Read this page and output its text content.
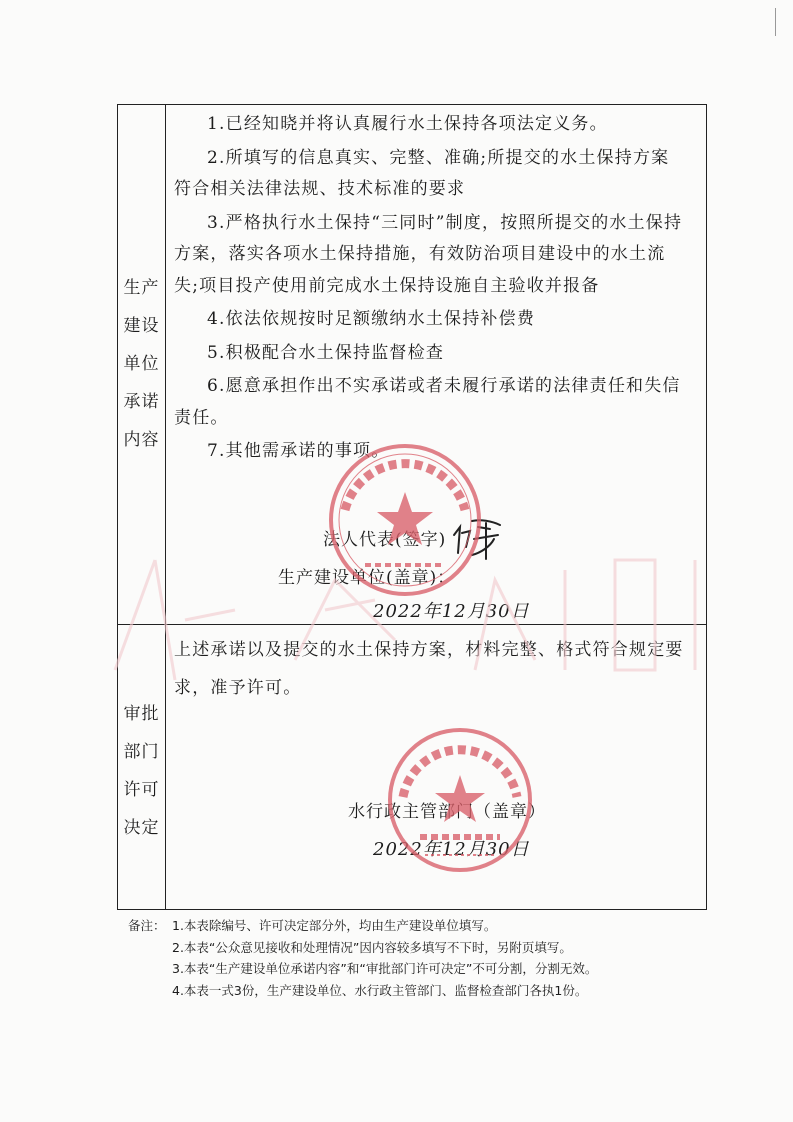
生产
建设
单位
承诺
内容

1.已经知晓并将认真履行水土保持各项法定义务。

2.所填写的信息真实、完整、准确;所提交的水土保持方案符合相关法律法规、技术标准的要求

3.严格执行水土保持“三同时”制度，按照所提交的水土保持方案，落实各项水土保持措施，有效防治项目建设中的水土流失;项目投产使用前完成水土保持设施自主验收并报备

4.依法依规按时足额缴纳水土保持补偿费

5.积极配合水土保持监督检查

6.愿意承担作出不实承诺或者未履行承诺的法律责任和失信责任。

7.其他需承诺的事项。

法人代表(签字)
生产建设单位(盖章)：
2022年12月30日
审批
部门
许可
决定

上述承诺以及提交的水土保持方案，材料完整、格式符合规定要求，准予许可。

水行政主管部门（盖章）
2022年12月30日
备注： 1.本表除编号、许可决定部分外，均由生产建设单位填写。
2.本表“公众意见接收和处理情况”因内容较多填写不下时，另附页填写。
3.本表“生产建设单位承诺内容”和“审批部门许可决定”不可分割，分割无效。
4.本表一式3份，生产建设单位、水行政主管部门、监督检查部门各执1份。
